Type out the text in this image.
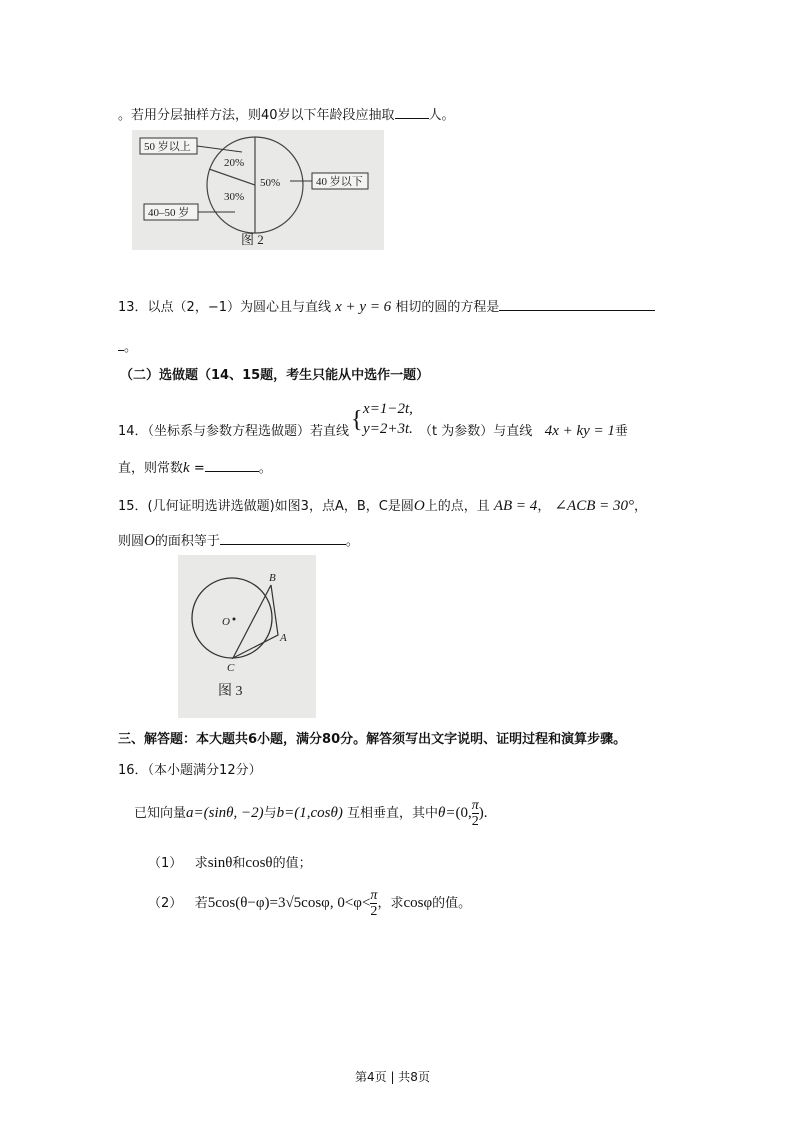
。若用分层抽样方法，则40岁以下年龄段应抽取	人。
20%
30%
50%
50 岁以上
40–50 岁
40 岁以下
图 2
13．以点（2，−1）为圆心且与直线 x + y = 6 相切的圆的方程是
。
（二）选做题（14、15题，考生只能从中选作一题）
14．（坐标系与参数方程选做题）若直线 { x=1−2t,
y=2+3t. （t 为参数）与直线 4x + ky = 1垂
直，则常数k =	。
15．(几何证明选讲选做题)如图3，点A，B，C是圆O上的点，且 AB = 4， ∠ACB = 30°，
则圆O的面积等于	。
O
B
A
C
图 3
三、解答题：本大题共6小题，满分80分。解答须写出文字说明、证明过程和演算步骤。
16．（本小题满分12分）
已知向量a=(sinθ, −2)与b=(1,cosθ) 互相垂直，其中θ=(0, $\frac{\pi}{2}$ ).
（1） 求sinθ和cosθ的值；
（2） 若5cos(θ−φ)=3√5cosφ, $0<\varphi< \frac{\pi}{2}$ ，求cosφ的值。
第4页 | 共8页
